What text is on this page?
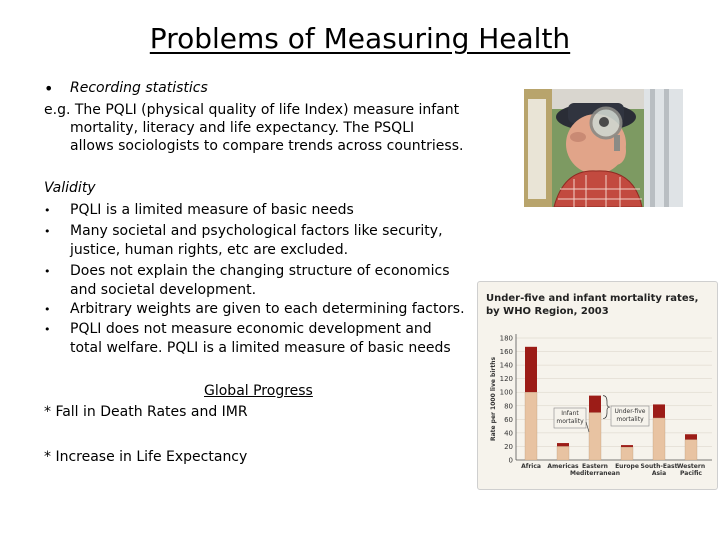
Problems of Measuring Health
• Recording statistics
e.g. The PQLI (physical quality of life Index) measure infant
mortality, literacy and life expectancy. The PSQLI
allows sociologists to compare trends across countriess.
Validity
• PQLI is a limited measure of basic needs
• Many societal and psychological factors like security,
justice, human rights, etc are excluded.
• Does not explain the changing structure of economics
and societal development.
• Arbitrary weights are given to each determining factors.
• PQLI does not measure economic development and
total welfare. PQLI is a limited measure of basic needs
Global Progress
* Fall in Death Rates and IMR
* Increase in Life Expectancy
Under-five and infant mortality rates,
by WHO Region, 2003
Rate per 1000 live births
0
20
40
60
80
100
120
140
160
180
Africa Americas Eastern
Mediterranean
Europe South-East
Asia
Western
Pacific
Infant
mortality
Under-five
mortality
